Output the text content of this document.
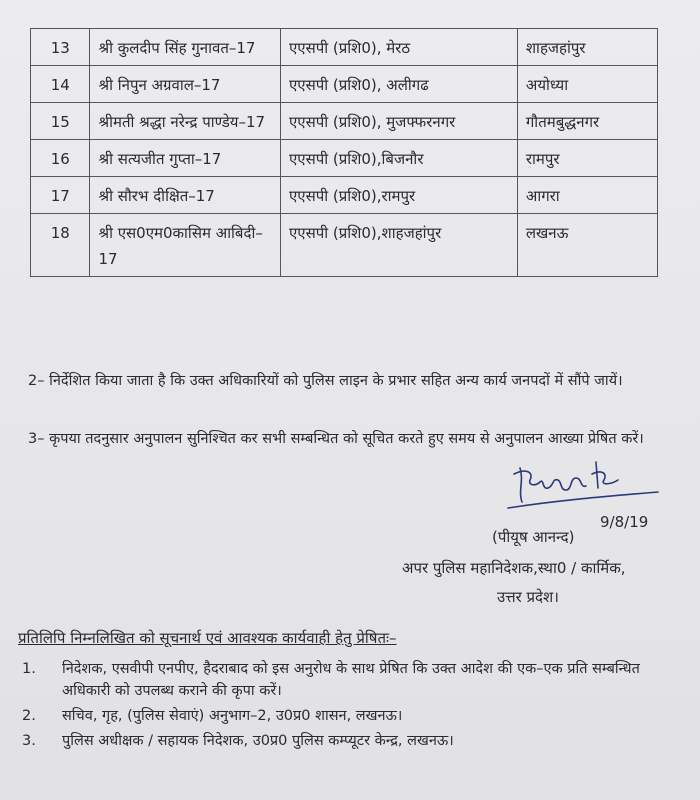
13	श्री कुलदीप सिंह गुनावत–17	एएसपी (प्रशि0), मेरठ	शाहजहांपुर
14	श्री निपुन अग्रवाल–17	एएसपी (प्रशि0), अलीगढ	अयोध्या
15	श्रीमती श्रद्धा नरेन्द्र पाण्डेय–17	एएसपी (प्रशि0), मुजफ्फरनगर	गौतमबुद्धनगर
16	श्री सत्यजीत गुप्ता–17	एएसपी (प्रशि0),बिजनौर	रामपुर
17	श्री सौरभ दीक्षित–17	एएसपी (प्रशि0),रामपुर	आगरा
18	श्री एस0एम0कासिम आबिदी–17	एएसपी (प्रशि0),शाहजहांपुर	लखनऊ
2– निर्देशित किया जाता है कि उक्त अधिकारियों को पुलिस लाइन के प्रभार सहित अन्य कार्य जनपदों में सौंपे जायें।
3– कृपया तदनुसार अनुपालन सुनिश्चित कर सभी सम्बन्धित को सूचित करते हुए समय से अनुपालन आख्या प्रेषित करें।
(पीयूष आनन्द)
9/8/19
अपर पुलिस महानिदेशक,स्था0 / कार्मिक,
उत्तर प्रदेश।
प्रतिलिपि निम्नलिखित को सूचनार्थ एवं आवश्यक कार्यवाही हेतु प्रेषितः–
1. निदेशक, एसवीपी एनपीए, हैदराबाद को इस अनुरोध के साथ प्रेषित कि उक्त आदेश की एक–एक प्रति सम्बन्धित अधिकारी को उपलब्ध कराने की कृपा करें।
2. सचिव, गृह, (पुलिस सेवाएं) अनुभाग–2, उ0प्र0 शासन, लखनऊ।
3. पुलिस अधीक्षक / सहायक निदेशक, उ0प्र0 पुलिस कम्प्यूटर केन्द्र, लखनऊ।
